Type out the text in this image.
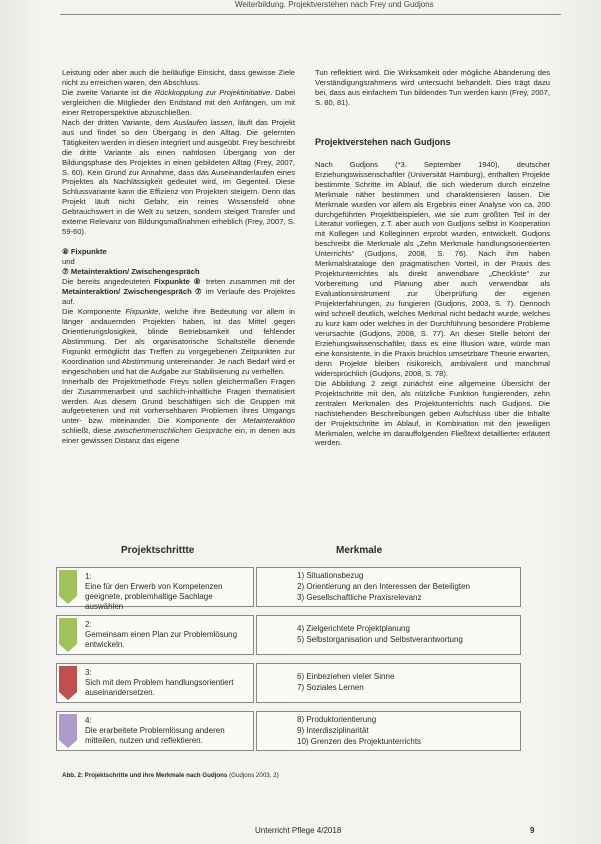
Weiterbildung. Projektverstehen nach Frey und Gudjons

Leistung oder aber auch die beiläufige Einsicht, dass gewisse Ziele nicht zu erreichen waren, den Abschluss.

Die zweite Variante ist die Rückkopplung zur Projektinitiative. Dabei vergleichen die Mitglieder den Endstand mit den Anfängen, um mit einer Retroperspektive abzuschließen.

Nach der dritten Variante, dem Auslaufen lassen, läuft das Projekt aus und findet so den Übergang in den Alltag. Die gelernten Tätigkeiten werden in diesen integriert und ausgeübt. Frey beschreibt die dritte Variante als einen nahtlosen Übergang von der Bildungsphase des Projektes in einen gebildeten Alltag (Frey, 2007, S. 60). Kein Grund zur Annahme, dass das Auseinanderlaufen eines Projektes als Nachlässigkeit gedeutet wird, im Gegenteil. Diese Schlussvariante kann die Effizienz von Projekten steigern. Denn das Projekt läuft nicht Gefahr, ein reines Wissensfeld ohne Gebrauchswert in die Welt zu setzen, sondern steigert Transfer und externe Relevanz von Bildungsmaßnahmen erheblich (Frey, 2007, S. 59-60).

⑧ Fixpunkte

und

⑦ Metainteraktion/ Zwischengespräch

Die bereits angedeuteten Fixpunkte ⑧ treten zusammen mit der Metainteraktion/ Zwischengespräch ⑦ im Verlaufe des Projektes auf.

Die Komponente Fixpunkte, welche ihre Bedeutung vor allem in länger andauernden Projekten haben, ist das Mittel gegen Orientierungslosigkeit, blinde Betriebsamkeit und fehlender Abstimmung. Der als organisatorische Schaltstelle dienende Fixpunkt ermöglicht das Treffen zu vorgegebenen Zeitpunkten zur Koordination und Abstimmung untereinander. Je nach Bedarf wird er eingeschoben und hat die Aufgabe zur Stabilisierung zu verhelfen.

Innerhalb der Projektmethode Freys sollen gleichermaßen Fragen der Zusammenarbeit und sachlich-inhaltliche Fragen thematisiert werden. Aus diesem Grund beschäftigen sich die Gruppen mit aufgetretenen und mit vorhersehbaren Problemen ihres Umgangs unter- bzw. miteinander. Die Komponente der Metainteraktion schließt, diese zwischenmenschlichen Gespräche ein, in denen aus einer gewissen Distanz das eigene

Tun reflektiert wird. Die Wirksamkeit oder mögliche Abänderung des Verständigungsrahmens wird untersucht behandelt. Dies trägt dazu bei, dass aus einfachem Tun bildendes Tun werden kann (Frey, 2007, S. 80, 81).

Projektverstehen nach Gudjons

Nach Gudjons (*3. September 1940), deutscher Erziehungswissenschaftler (Universität Hamburg), enthalten Projekte bestimmte Schritte im Ablauf, die sich wiederum durch einzelne Merkmale näher bestimmen und charakterisieren lassen. Die Merkmale wurden vor allem als Ergebnis einer Analyse von ca. 200 durchgeführten Projektbeispielen, wie sie zum größten Teil in der Literatur vorliegen, z.T. aber auch von Gudjons selbst in Kooperation mit Kollegen und Kolleginnen erprobt wurden, entwickelt. Gudjons beschreibt die Merkmale als „Zehn Merkmale handlungsorientierten Unterrichts“ (Gudjons, 2008, S. 76). Nach ihm haben Merkmalskataloge den pragmatischen Vorteil, in der Praxis des Projektunterrichtes als direkt anwendbare „Checkliste“ zur Vorbereitung und Planung aber auch verwendbar als Evaluationsinstrument zur Überprüfung der eigenen Projekterfahrungen, zu fungieren (Gudjons, 2003, S. 7). Dennoch wird schnell deutlich, welches Merkmal nicht bedacht wurde, welches zu kurz kam oder welches in der Durchführung besondere Probleme verursachte (Gudjons, 2008, S. 77). An dieser Stelle betont der Erziehungswissenschaftler, dass es eine Illusion wäre, würde man eine konsistente, in die Praxis bruchlos umsetzbare Theorie erwarten, denn Projekte bleiben risikoreich, ambivalent und manchmal widersprüchlich (Gudjons, 2008, S. 78).

Die Abbildung 2 zeigt zunächst eine allgemeine Übersicht der Projektschritte mit den, als nützliche Funktion fungierenden, zehn zentralen Merkmalen des Projektunterrichts nach Gudjons. Die nachstehenden Beschreibungen geben Aufschluss über die Inhalte der Projektschritte im Ablauf, in Kombination mit den jeweiligen Merkmalen, welche im darauffolgenden Fließtext detaillierter erläutert werden.

Projektschrittte	Merkmale
1:
Eine für den Erwerb von Kompetenzen geeignete, problemhaltige Sachlage auswählen
1) Situationsbezug
2) Orientierung an den Interessen der Beteiligten
3) Gesellschaftliche Praxisrelevanz
2:
Gemeinsam einen Plan zur Problemlösung entwickeln.
4) Zielgerichtete Projektplanung
5) Selbstorganisation und Selbstverantwortung
3:
Sich mit dem Problem handlungsorientiert auseinandersetzen.
6) Einbeziehen vieler Sinne
7) Soziales Lernen
4:
Die erarbeitete Problemlösung anderen mitteilen, nutzen und reflektieren.
8) Produktorientierung
9) Interdisziplinarität
10) Grenzen des Projektunterrichts
Abb. 2: Projektschritte und ihre Merkmale nach Gudjons (Gudjons 2003, 2)
Unterricht Pflege 4/2018	9
